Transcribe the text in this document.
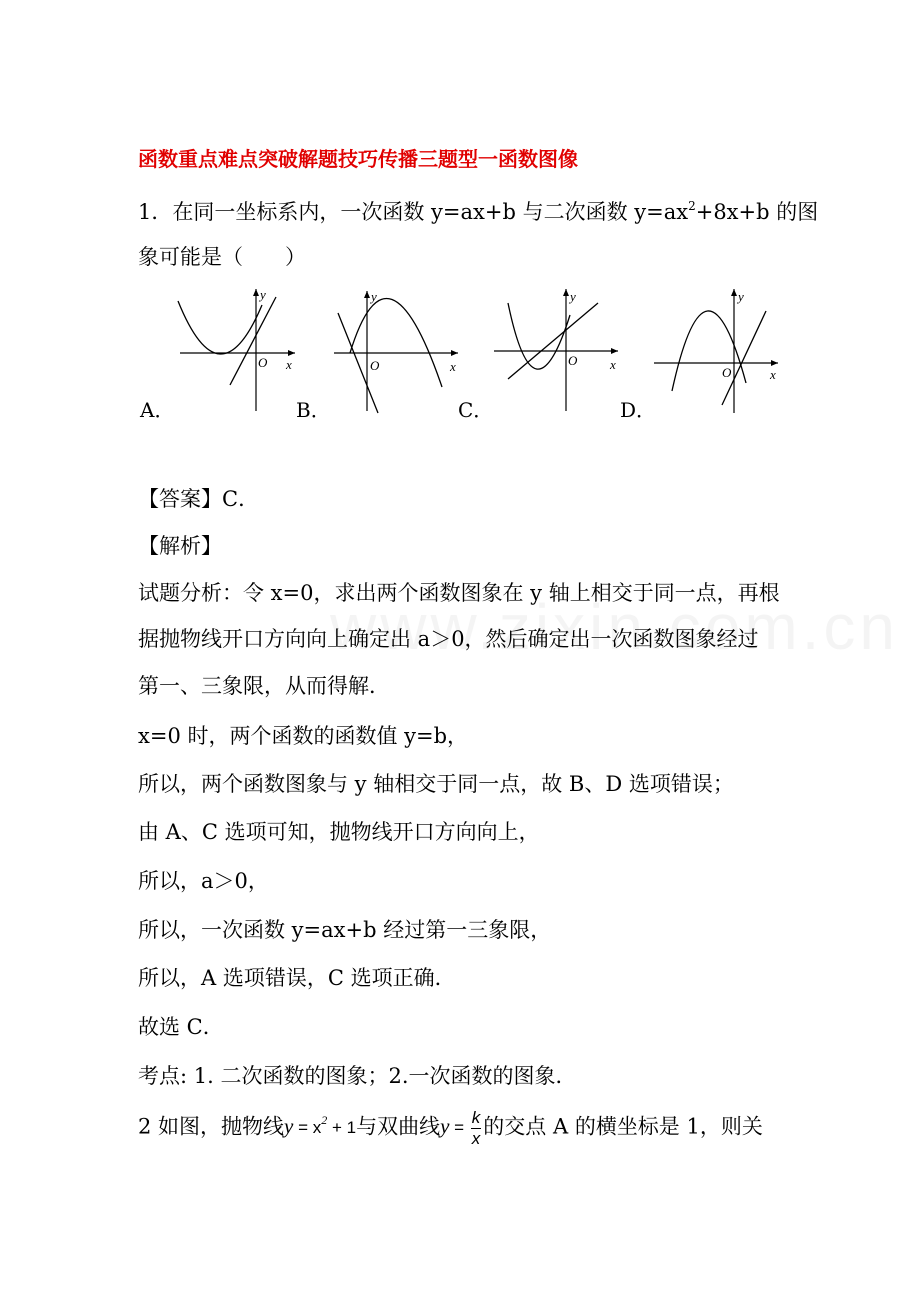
函数重点难点突破解题技巧传播三题型一函数图像
1．在同一坐标系内，一次函数 y=ax+b 与二次函数 $y=ax^2+8x+b$ 的图
象可能是（　　）
y
x
O
A．
y
x
O
B．
y
x
O
C．
y
x
O
D．
【答案】C．
【解析】
试题分析：令 x=0，求出两个函数图象在 y 轴上相交于同一点，再根
据抛物线开口方向向上确定出 a＞0，然后确定出一次函数图象经过
第一、三象限，从而得解．
x=0 时，两个函数的函数值 y=b，
所以，两个函数图象与 y 轴相交于同一点，故 B、D 选项错误；
由 A、C 选项可知，抛物线开口方向向上，
所以，a＞0，
所以，一次函数 y=ax+b 经过第一三象限，
所以，A 选项错误，C 选项正确．
故选 C．
考点: 1. 二次函数的图象；2.一次函数的图象．
2 如图，抛物线$y = x^2 + 1$与双曲线$y = \frac{k}{x}$ 的交点 A 的横坐标是 1，则关
